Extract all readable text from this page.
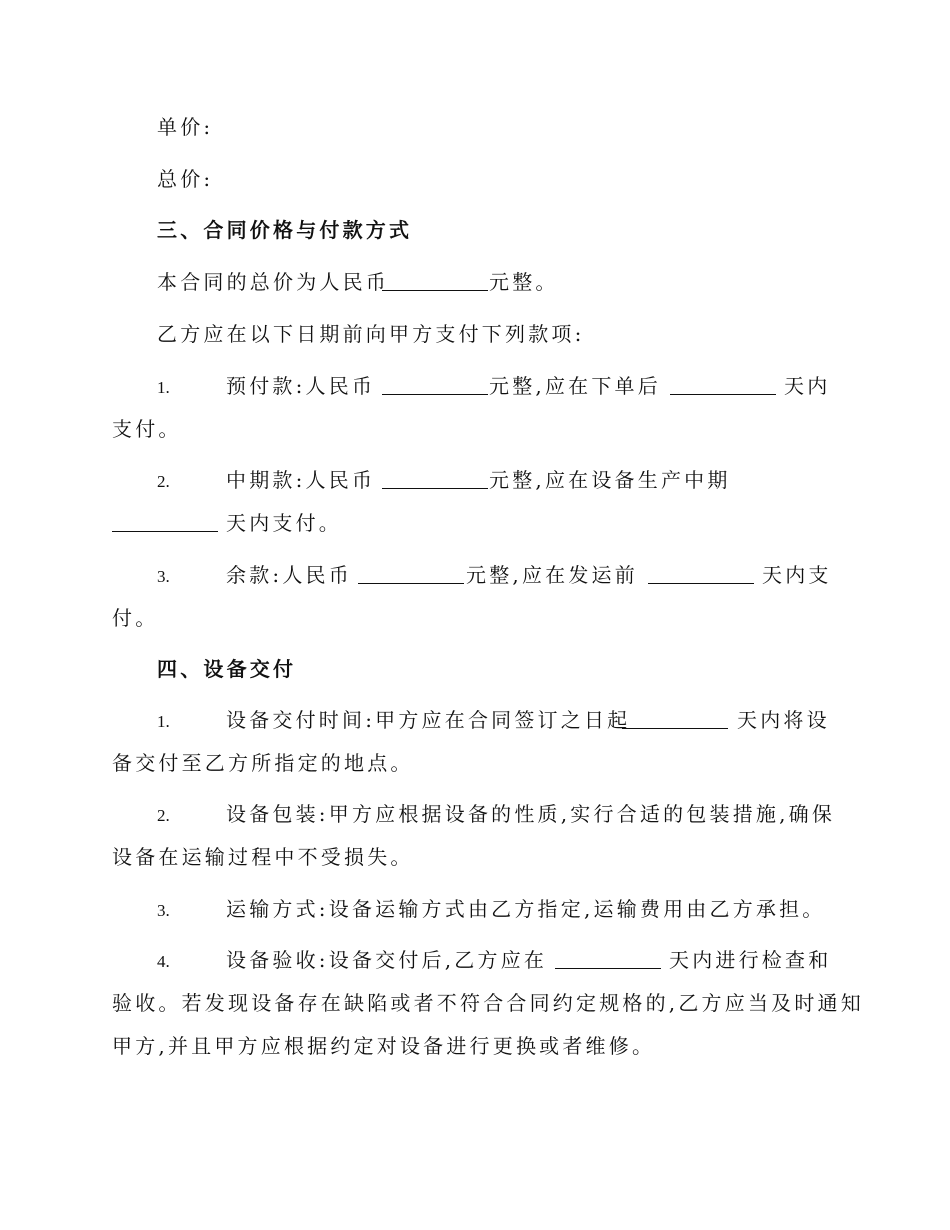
单价:
总价:
三、合同价格与付款方式
本合同的总价为人民币	元整。
乙方应在以下日期前向甲方支付下列款项:
1.	预付款:人民币	元整,应在下单后	天内
支付。
2.	中期款:人民币	元整,应在设备生产中期
天内支付。
3.	余款:人民币	元整,应在发运前	天内支
付。
四、设备交付
1.	设备交付时间:甲方应在合同签订之日起	天内将设
备交付至乙方所指定的地点。
2.	设备包装:甲方应根据设备的性质,实行合适的包装措施,确保
设备在运输过程中不受损失。
3.	运输方式:设备运输方式由乙方指定,运输费用由乙方承担。
4.	设备验收:设备交付后,乙方应在	天内进行检查和
验收。若发现设备存在缺陷或者不符合合同约定规格的,乙方应当及时通知
甲方,并且甲方应根据约定对设备进行更换或者维修。
